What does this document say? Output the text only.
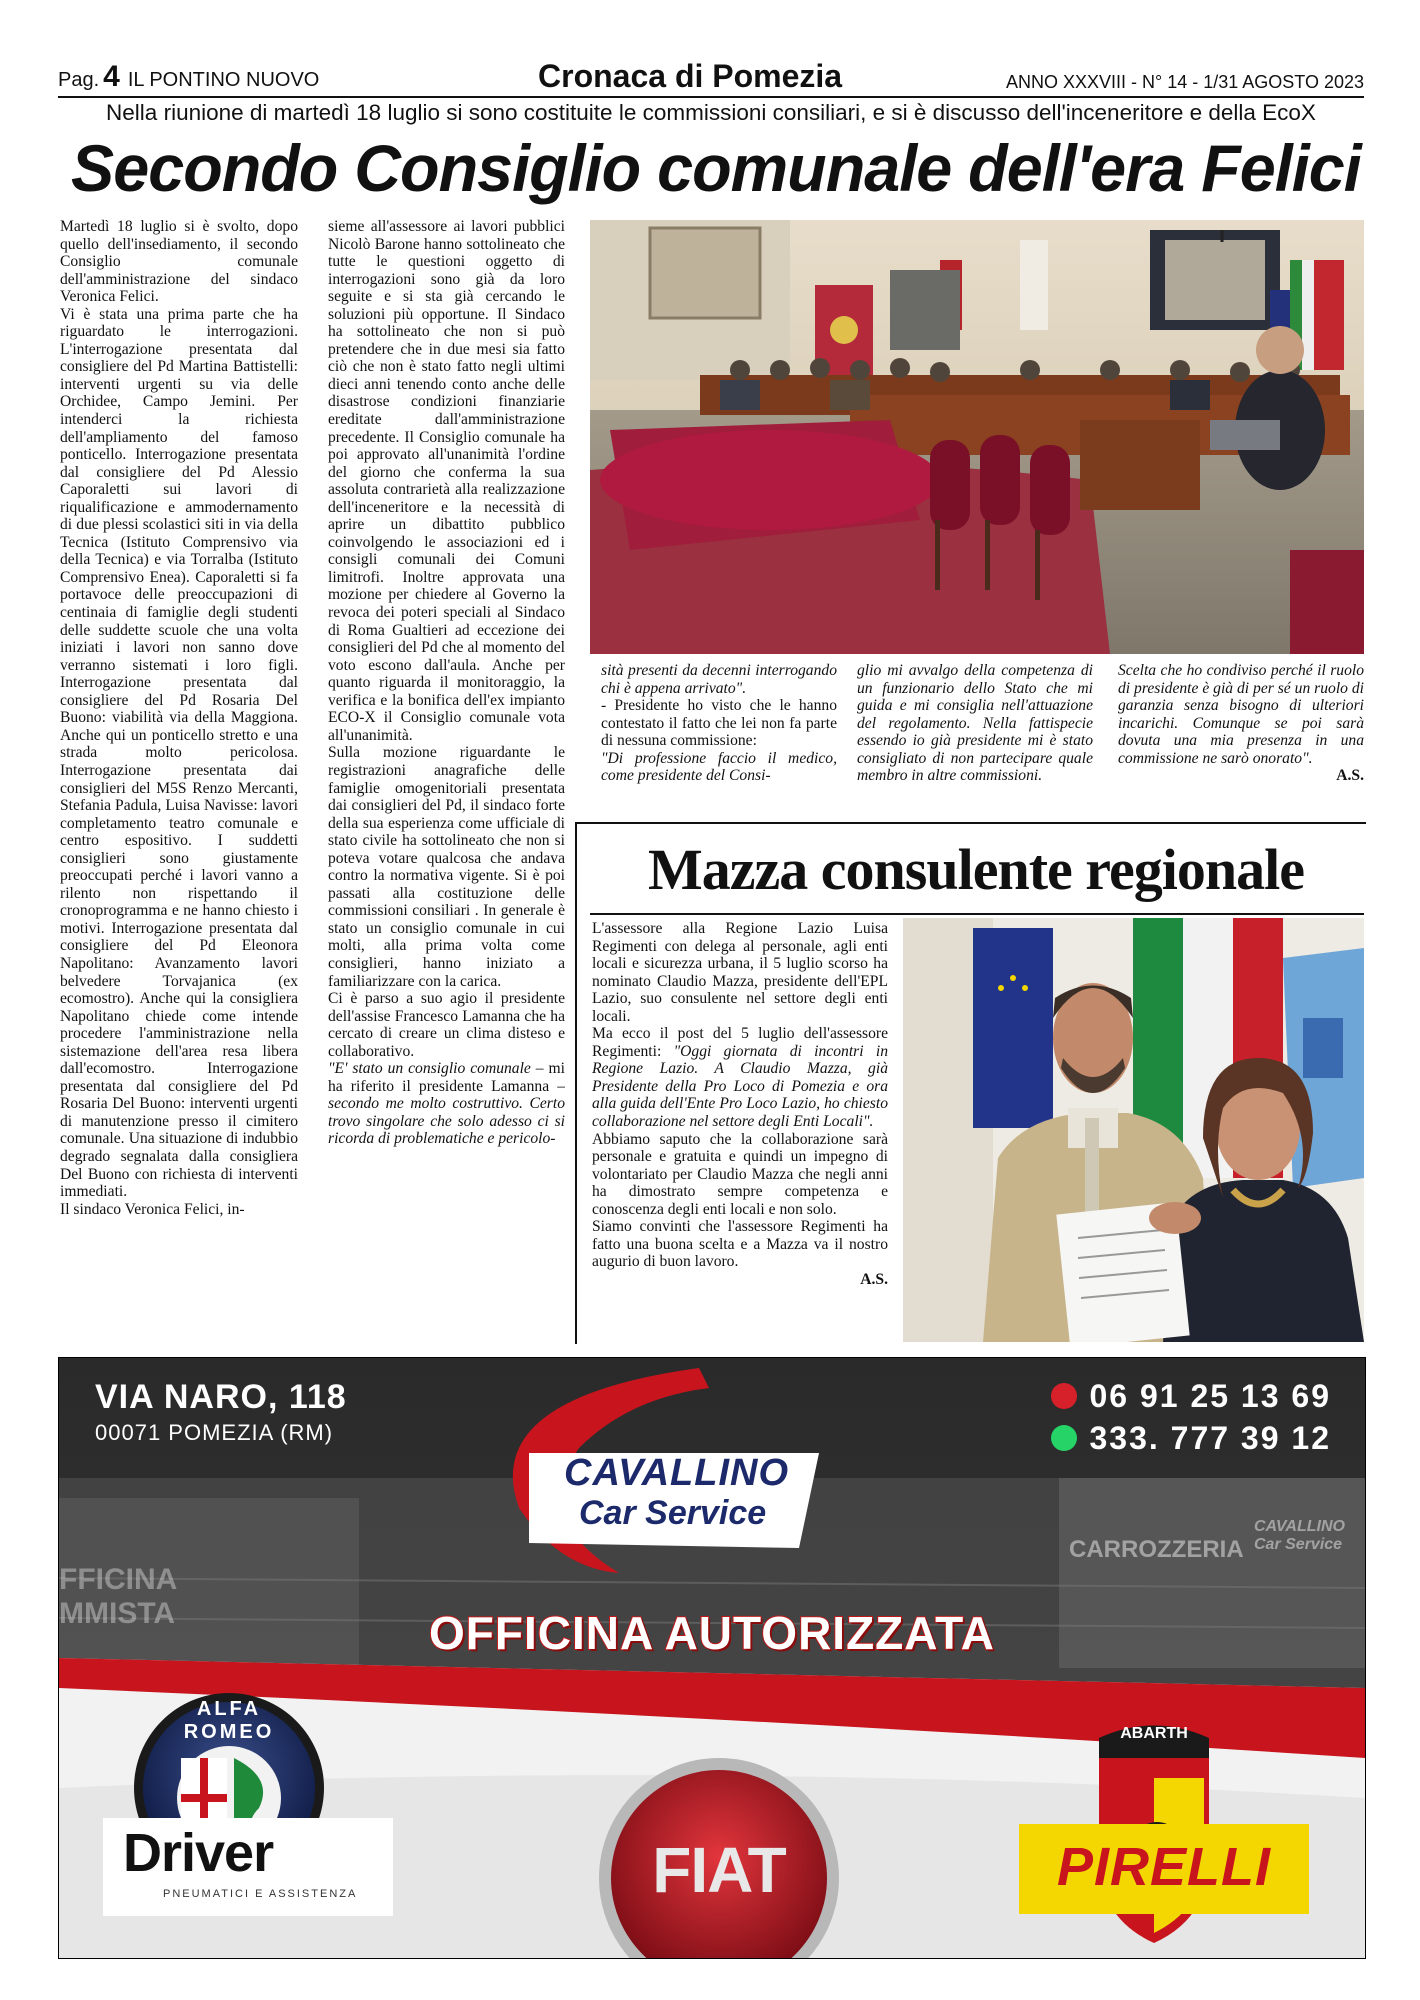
Pag. 4 IL PONTINO NUOVO	Cronaca di Pomezia	ANNO XXXVIII - N° 14 - 1/31 AGOSTO 2023
Nella riunione di martedì 18 luglio si sono costituite le commissioni consiliari, e si è discusso dell'inceneritore e della EcoX
Secondo Consiglio comunale dell'era Felici

Martedì 18 luglio si è svolto, dopo quello dell'insediamento, il secondo Consiglio comunale dell'amministrazione del sindaco Veronica Felici.

Vi è stata una prima parte che ha riguardato le interrogazioni. L'interrogazione presentata dal consigliere del Pd Martina Battistelli: interventi urgenti su via delle Orchidee, Campo Jemini. Per intenderci la richiesta dell'ampliamento del famoso ponticello. Interrogazione presentata dal consigliere del Pd Alessio Caporaletti sui lavori di riqualificazione e ammodernamento di due plessi scolastici siti in via della Tecnica (Istituto Comprensivo via della Tecnica) e via Torralba (Istituto Comprensivo Enea). Caporaletti si fa portavoce delle preoccupazioni di centinaia di famiglie degli studenti delle suddette scuole che una volta iniziati i lavori non sanno dove verranno sistemati i loro figli. Interrogazione presentata dal consigliere del Pd Rosaria Del Buono: viabilità via della Maggiona. Anche qui un ponticello stretto e una strada molto pericolosa. Interrogazione presentata dai consiglieri del M5S Renzo Mercanti, Stefania Padula, Luisa Navisse: lavori completamento teatro comunale e centro espositivo. I suddetti consiglieri sono giustamente preoccupati perché i lavori vanno a rilento non rispettando il cronoprogramma e ne hanno chiesto i motivi. Interrogazione presentata dal consigliere del Pd Eleonora Napolitano: Avanzamento lavori belvedere Torvajanica (ex ecomostro). Anche qui la consigliera Napolitano chiede come intende procedere l'amministrazione nella sistemazione dell'area resa libera dall'ecomostro. Interrogazione presentata dal consigliere del Pd Rosaria Del Buono: interventi urgenti di manutenzione presso il cimitero comunale. Una situazione di indubbio degrado segnalata dalla consigliera Del Buono con richiesta di interventi immediati.

Il sindaco Veronica Felici, in-

sieme all'assessore ai lavori pubblici Nicolò Barone hanno sottolineato che tutte le questioni oggetto di interrogazioni sono già da loro seguite e si sta già cercando le soluzioni più opportune. Il Sindaco ha sottolineato che non si può pretendere che in due mesi sia fatto ciò che non è stato fatto negli ultimi dieci anni tenendo conto anche delle disastrose condizioni finanziarie ereditate dall'amministrazione precedente. Il Consiglio comunale ha poi approvato all'unanimità l'ordine del giorno che conferma la sua assoluta contrarietà alla realizzazione dell'inceneritore e la necessità di aprire un dibattito pubblico coinvolgendo le associazioni ed i consigli comunali dei Comuni limitrofi. Inoltre approvata una mozione per chiedere al Governo la revoca dei poteri speciali al Sindaco di Roma Gualtieri ad eccezione dei consiglieri del Pd che al momento del voto escono dall'aula. Anche per quanto riguarda il monitoraggio, la verifica e la bonifica dell'ex impianto ECO-X il Consiglio comunale vota all'unanimità.

Sulla mozione riguardante le registrazioni anagrafiche delle famiglie omogenitoriali presentata dai consiglieri del Pd, il sindaco forte della sua esperienza come ufficiale di stato civile ha sottolineato che non si poteva votare qualcosa che andava contro la normativa vigente. Si è poi passati alla costituzione delle commissioni consiliari . In generale è stato un consiglio comunale in cui molti, alla prima volta come consiglieri, hanno iniziato a familiarizzare con la carica.

Ci è parso a suo agio il presidente dell'assise Francesco Lamanna che ha cercato di creare un clima disteso e collaborativo.

"E' stato un consiglio comunale – mi ha riferito il presidente Lamanna – secondo me molto costruttivo. Certo trovo singolare che solo adesso ci si ricorda di problematiche e pericolo-

sità presenti da decenni interrogando chi è appena arrivato".

- Presidente ho visto che le hanno contestato il fatto che lei non fa parte di nessuna commissione:

"Di professione faccio il medico, come presidente del Consi-

glio mi avvalgo della competenza di un funzionario dello Stato che mi guida e mi consiglia nell'attuazione del regolamento. Nella fattispecie essendo io già presidente mi è stato consigliato di non partecipare quale membro in altre commissioni.

Scelta che ho condiviso perché il ruolo di presidente è già di per sé un ruolo di garanzia senza bisogno di ulteriori incarichi. Comunque se poi sarà dovuta una mia presenza in una commissione ne sarò onorato".

A.S.
Mazza consulente regionale

L'assessore alla Regione Lazio Luisa Regimenti con delega al personale, agli enti locali e sicurezza urbana, il 5 luglio scorso ha nominato Claudio Mazza, presidente dell'EPL Lazio, suo consulente nel settore degli enti locali.

Ma ecco il post del 5 luglio dell'assessore Regimenti: "Oggi giornata di incontri in Regione Lazio. A Claudio Mazza, già Presidente della Pro Loco di Pomezia e ora alla guida dell'Ente Pro Loco Lazio, ho chiesto collaborazione nel settore degli Enti Locali".

Abbiamo saputo che la collaborazione sarà personale e gratuita e quindi un impegno di volontariato per Claudio Mazza che negli anni ha dimostrato sempre competenza e conoscenza degli enti locali e non solo.

Siamo convinti che l'assessore Regimenti ha fatto una buona scelta e a Mazza va il nostro augurio di buon lavoro.

A.S.
VIA NARO, 118
00071 POMEZIA (RM)
06 91 25 13 69
333. 777 39 12
CAVALLINO
Car Service
FFICINA
MMISTA
CARROZZERIA
CAVALLINO
Car Service
OFFICINA AUTORIZZATA
ALFA ROMEO
FIAT
ABARTH
Driver
PNEUMATICI E ASSISTENZA	PIRELLI
